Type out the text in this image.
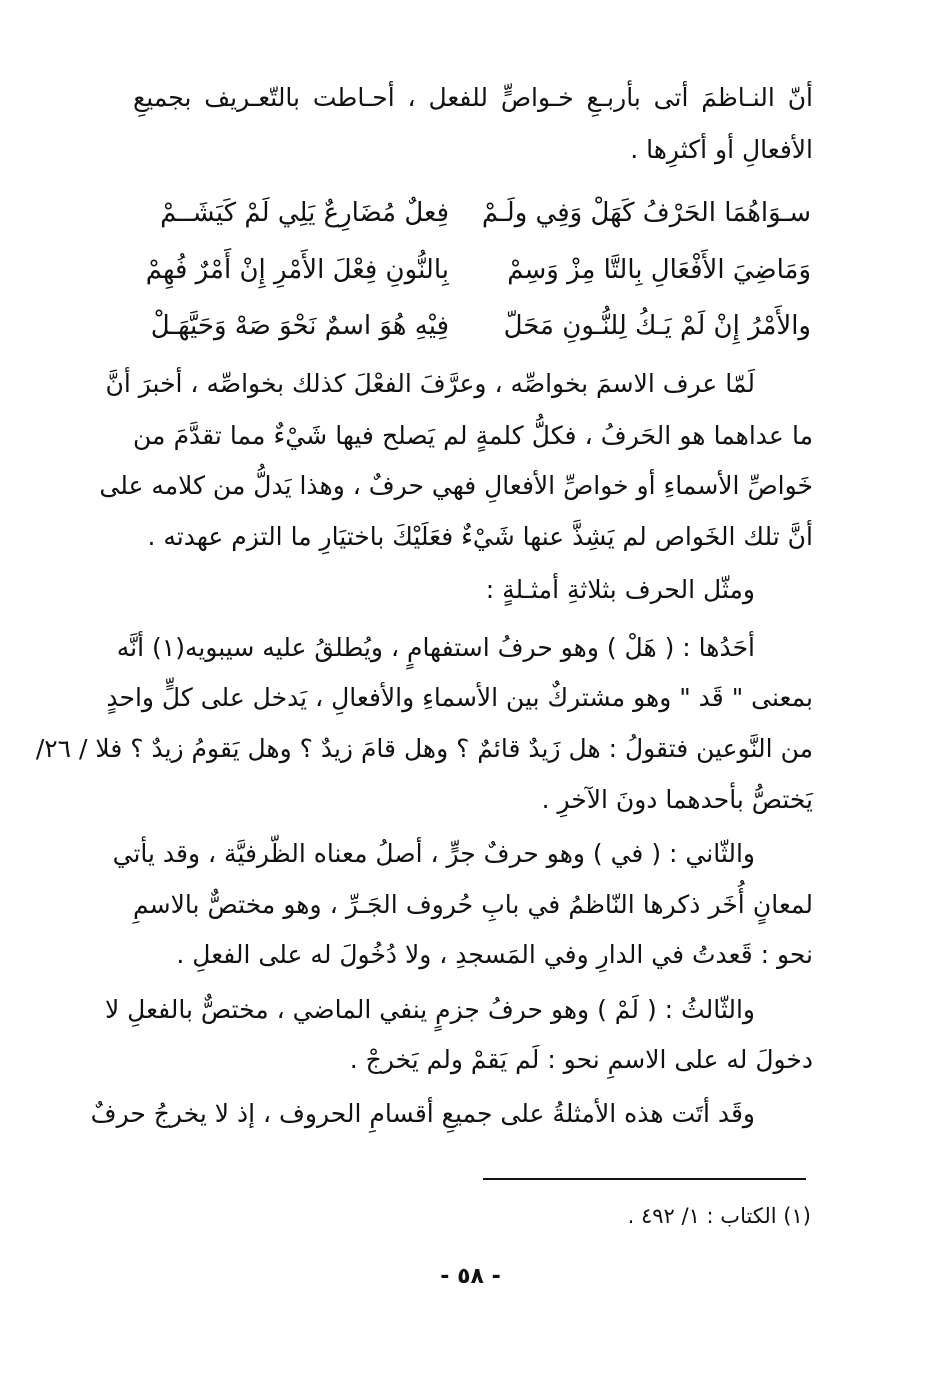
أنّ النـاظمَ أتى بأربـعِ خـواصٍّ للفعل ، أحـاطت بالتّعـريف بجميعِ
الأفعالِ أو أكثرِها .
سـوَاهُمَا الحَرْفُ كَهَلْ وَفِي ولَـمْ
فِعلٌ مُضَارِعٌ يَلِي لَمْ كَيَشَــمْ
وَمَاضِيَ الأَفْعَالِ بِالتَّا مِزْ وَسِمْ
بِالنُّونِ فِعْلَ الأَمْرِ إِنْ أَمْرٌ فُهِمْ
والأَمْرُ إِنْ لَمْ يَـكُ لِلنُّـونِ مَحَلّ
فِيْهِ هُوَ اسمٌ نَحْوَ صَهْ وَحَيَّهَـلْ
لَمّا عرف الاسمَ بخواصِّه ، وعرَّفَ الفعْلَ كذلك بخواصِّه ، أخبرَ أنَّ
ما عداهما هو الحَرفُ ، فكلُّ كلمةٍ لم يَصلح فيها شَيْءٌ مما تقدَّمَ من
خَواصِّ الأسماءِ أو خواصِّ الأفعالِ فهي حرفٌ ، وهذا يَدلُّ من كلامه على
أنَّ تلك الخَواص لم يَشِذَّ عنها شَيْءٌ فعَلَيْكَ باختيَارِ ما التزم عهدته .
ومثّل الحرف بثلاثةِ أمثـلةٍ :
أحَدُها : ( هَلْ ) وهو حرفُ استفهامٍ ، ويُطلقُ عليه سيبويه(١) أنَّه
بمعنى " قَد " وهو مشتركٌ بين الأسماءِ والأفعالِ ، يَدخل على كلٍّ واحدٍ
من النَّوعين فتقولُ : هل زَيدٌ قائمٌ ؟ وهل قامَ زيدٌ ؟ وهل يَقومُ زيدٌ ؟ فلا / ٢٦/
يَختصُّ بأحدهما دونَ الآخرِ .
والثّاني : ( في ) وهو حرفٌ جرٍّ ، أصلُ معناه الظّرفيَّة ، وقد يأتي
لمعانٍ أُخَر ذكرها النّاظمُ في بابِ حُروف الجَـرِّ ، وهو مختصٌّ بالاسمِ
نحو : قَعدتُ في الدارِ وفي المَسجدِ ، ولا دُخُولَ له على الفعلِ .
والثّالثُ : ( لَمْ ) وهو حرفُ جزمٍ ينفي الماضي ، مختصٌّ بالفعلِ لا
دخولَ له على الاسمِ نحو : لَم يَقمْ ولم يَخرجْ .
وقَد أتَت هذه الأمثلةُ على جميعِ أقسامِ الحروف ، إذ لا يخرجُ حرفٌ
(١) الكتاب : ١/ ٤٩٢ .
- ٥٨ -
